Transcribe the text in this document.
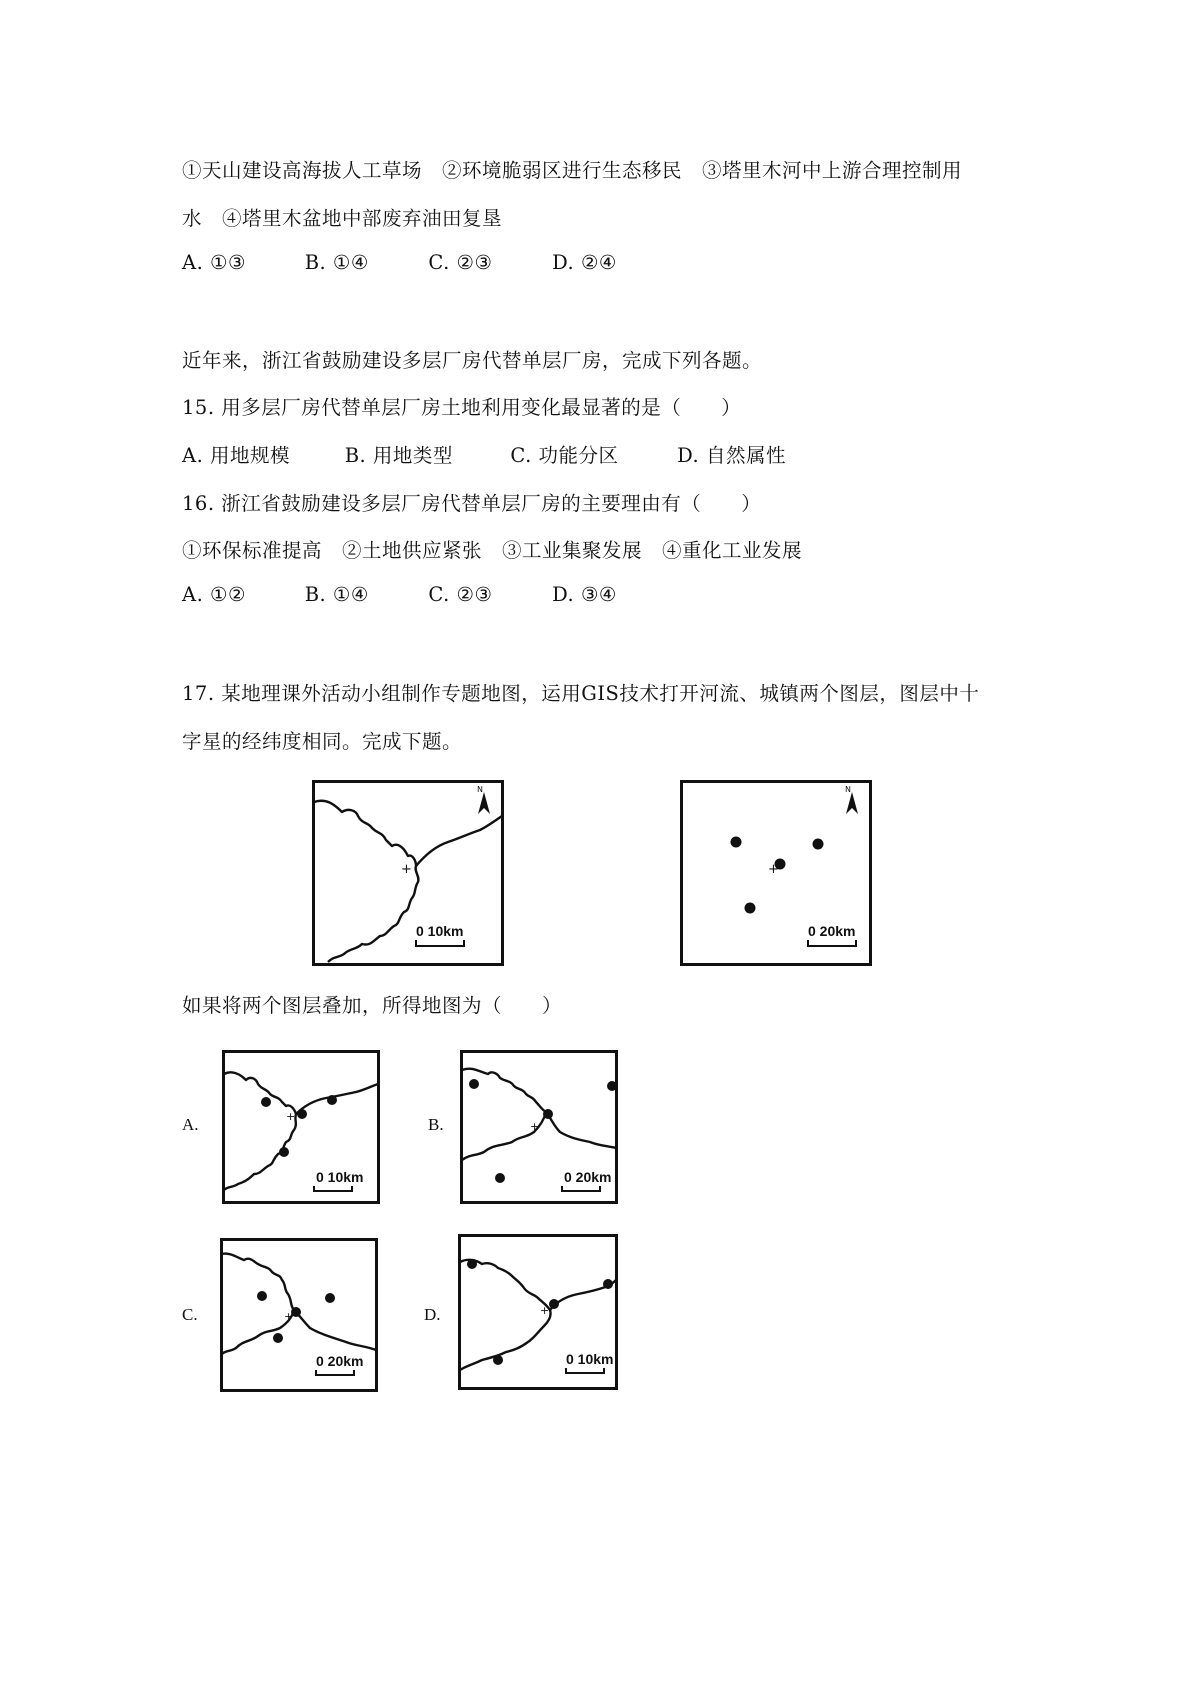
①天山建设高海拔人工草场　②环境脆弱区进行生态移民　③塔里木河中上游合理控制用
水　④塔里木盆地中部废弃油田复垦
A. ①③	B. ①④	C. ②③	D. ②④
近年来，浙江省鼓励建设多层厂房代替单层厂房，完成下列各题。
15. 用多层厂房代替单层厂房土地利用变化最显著的是（　　）
A. 用地规模	B. 用地类型	C. 功能分区	D. 自然属性
16. 浙江省鼓励建设多层厂房代替单层厂房的主要理由有（　　）
①环保标准提高　②土地供应紧张　③工业集聚发展　④重化工业发展
A. ①②	B. ①④	C. ②③	D. ③④
17. 某地理课外活动小组制作专题地图，运用GIS技术打开河流、城镇两个图层，图层中十
字星的经纬度相同。完成下题。
+
N
0 10km
+
N
0 20km
如果将两个图层叠加，所得地图为（　　）
A.	+
0 10km
B.	+
0 20km
C.	+
0 20km
D.	+
0 10km
